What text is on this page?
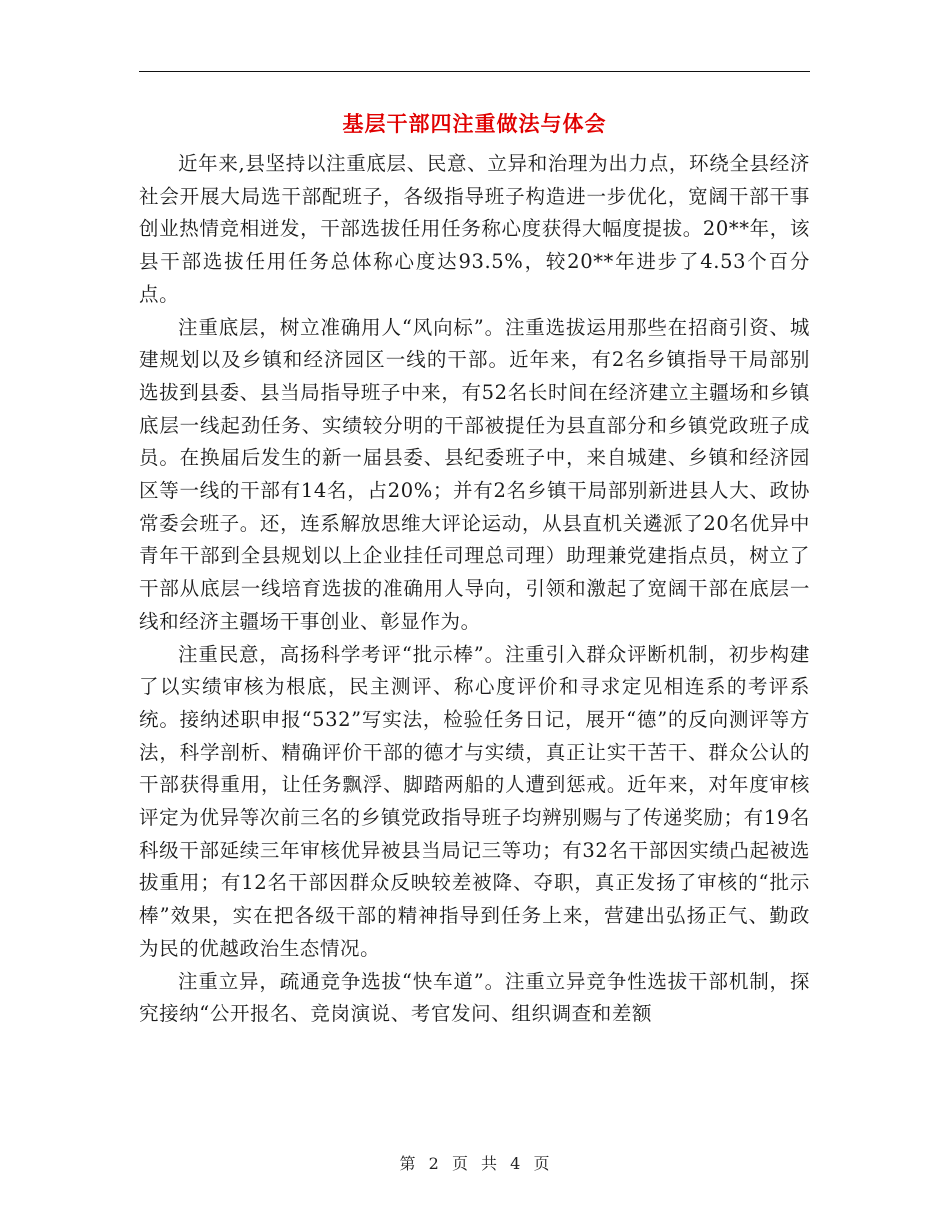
基层干部四注重做法与体会

近年来,县坚持以注重底层、民意、立异和治理为出力点，环绕全县经济社会开展大局选干部配班子，各级指导班子构造进一步优化，宽阔干部干事创业热情竞相迸发，干部选拔任用任务称心度获得大幅度提拔。20**年，该县干部选拔任用任务总体称心度达93.5%，较20**年进步了4.53个百分点。

注重底层，树立准确用人“风向标”。注重选拔运用那些在招商引资、城建规划以及乡镇和经济园区一线的干部。近年来，有2名乡镇指导干局部别选拔到县委、县当局指导班子中来，有52名长时间在经济建立主疆场和乡镇底层一线起劲任务、实绩较分明的干部被提任为县直部分和乡镇党政班子成员。在换届后发生的新一届县委、县纪委班子中，来自城建、乡镇和经济园区等一线的干部有14名，占20%；并有2名乡镇干局部别新进县人大、政协常委会班子。还，连系解放思维大评论运动，从县直机关遴派了20名优异中青年干部到全县规划以上企业挂任司理总司理）助理兼党建指点员，树立了干部从底层一线培育选拔的准确用人导向，引领和激起了宽阔干部在底层一线和经济主疆场干事创业、彰显作为。

注重民意，高扬科学考评“批示棒”。注重引入群众评断机制，初步构建了以实绩审核为根底，民主测评、称心度评价和寻求定见相连系的考评系统。接纳述职申报“532”写实法，检验任务日记，展开“德”的反向测评等方法，科学剖析、精确评价干部的德才与实绩，真正让实干苦干、群众公认的干部获得重用，让任务飘浮、脚踏两船的人遭到惩戒。近年来，对年度审核评定为优异等次前三名的乡镇党政指导班子均辨别赐与了传递奖励；有19名科级干部延续三年审核优异被县当局记三等功；有32名干部因实绩凸起被选拔重用；有12名干部因群众反映较差被降、夺职，真正发扬了审核的“批示棒”效果，实在把各级干部的精神指导到任务上来，营建出弘扬正气、勤政为民的优越政治生态情况。

注重立异，疏通竞争选拔“快车道”。注重立异竞争性选拔干部机制，探究接纳“公开报名、竞岗演说、考官发问、组织调查和差额

第 2 页 共 4 页
